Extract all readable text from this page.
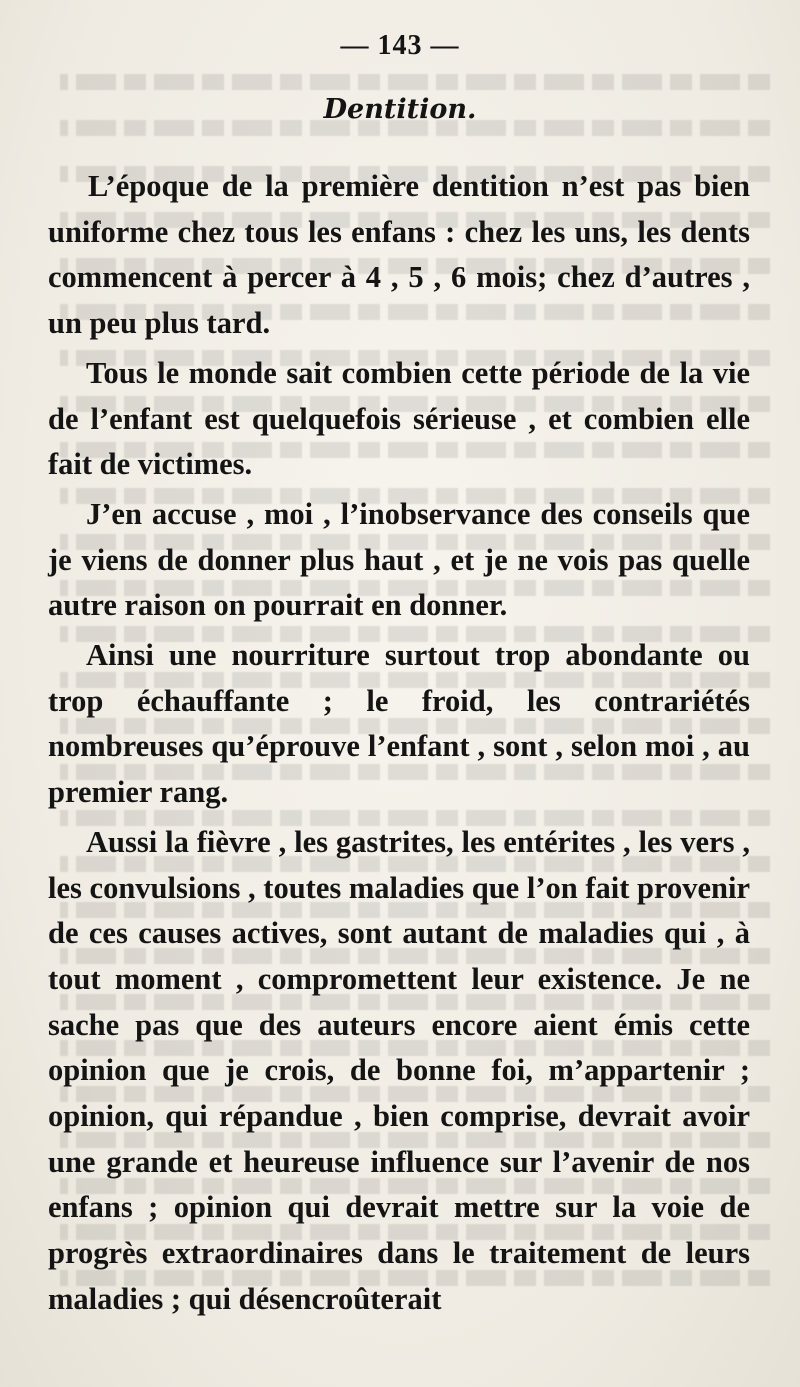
— 143 —
Dentition.

L’époque de la première dentition n’est pas bien uniforme chez tous les enfans : chez les uns, les dents commencent à percer à 4 , 5 , 6 mois; chez d’autres , un peu plus tard.

Tous le monde sait combien cette période de la vie de l’enfant est quelquefois sérieuse , et combien elle fait de victimes.

J’en accuse , moi , l’inobservance des conseils que je viens de donner plus haut , et je ne vois pas quelle autre raison on pourrait en donner.

Ainsi une nourriture surtout trop abondante ou trop échauffante ; le froid, les contrariétés nombreuses qu’éprouve l’enfant , sont , selon moi , au premier rang.

Aussi la fièvre , les gastrites, les entérites , les vers , les convulsions , toutes maladies que l’on fait provenir de ces causes actives, sont autant de maladies qui , à tout moment , compromettent leur existence. Je ne sache pas que des auteurs encore aient émis cette opinion que je crois, de bonne foi, m’appartenir ; opinion, qui répandue , bien comprise, devrait avoir une grande et heureuse influence sur l’avenir de nos enfans ; opinion qui devrait mettre sur la voie de progrès extraordinaires dans le traitement de leurs maladies ; qui désencroûterait
